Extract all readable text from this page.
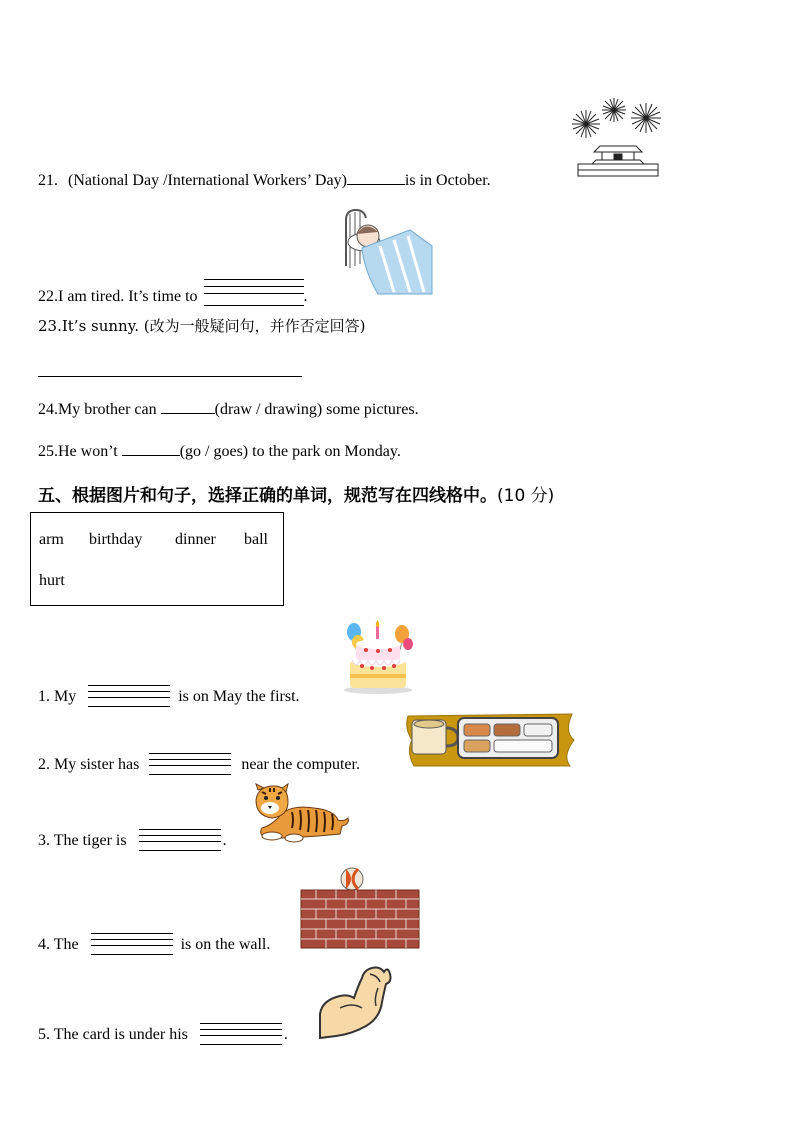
21. (National Day /International Workers’ Day)	is in October.
22.I am tired. It’s time to	.
23.It’s sunny. (改为一般疑问句，并作否定回答)
24.My brother can	(draw / drawing) some pictures.
25.He won’t	(go / goes) to the park on Monday.
五、根据图片和句子，选择正确的单词，规范写在四线格中。(10 分)
arm birthday dinner ball
hurt
1. My	is on May the first.
2. My sister has	near the computer.
3. The tiger is	.
4. The	is on the wall.
5. The card is under his	.
